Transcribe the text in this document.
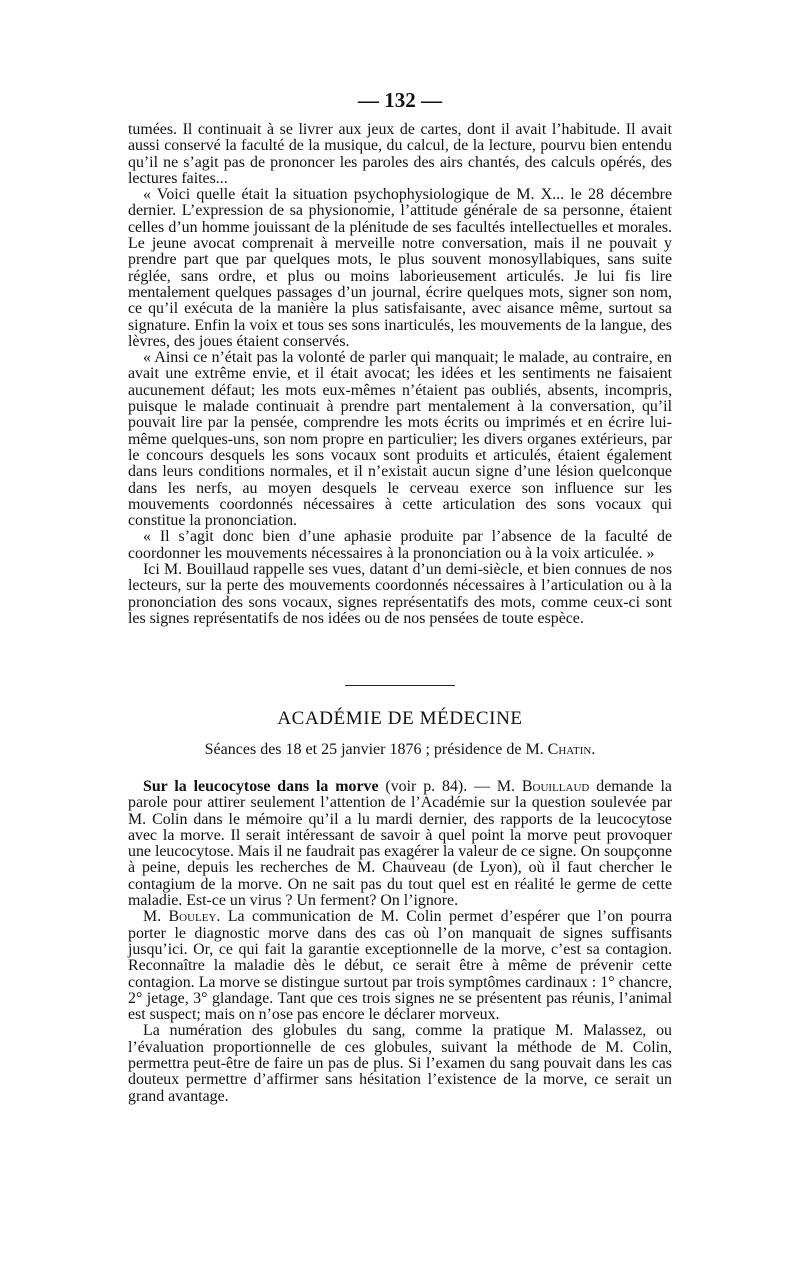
— 132 —

tumées. Il continuait à se livrer aux jeux de cartes, dont il avait l’habitude. Il avait aussi conservé la faculté de la musique, du calcul, de la lecture, pourvu bien entendu qu’il ne s’agit pas de prononcer les paroles des airs chantés, des calculs opérés, des lectures faites...

« Voici quelle était la situation psychophysiologique de M. X... le 28 décembre dernier. L’expression de sa physionomie, l’attitude générale de sa personne, étaient celles d’un homme jouissant de la plénitude de ses facultés intellectuelles et morales. Le jeune avocat comprenait à merveille notre conversation, mais il ne pouvait y prendre part que par quelques mots, le plus souvent monosyllabiques, sans suite réglée, sans ordre, et plus ou moins laborieusement articulés. Je lui fis lire mentalement quelques passages d’un journal, écrire quelques mots, signer son nom, ce qu’il exécuta de la manière la plus satisfaisante, avec aisance même, surtout sa signature. Enfin la voix et tous ses sons inarticulés, les mouvements de la langue, des lèvres, des joues étaient conservés.

« Ainsi ce n’était pas la volonté de parler qui manquait; le malade, au contraire, en avait une extrême envie, et il était avocat; les idées et les sentiments ne faisaient aucunement défaut; les mots eux-mêmes n’étaient pas oubliés, absents, incompris, puisque le malade continuait à prendre part mentalement à la conversation, qu’il pouvait lire par la pensée, comprendre les mots écrits ou imprimés et en écrire lui-même quelques-uns, son nom propre en particulier; les divers organes extérieurs, par le concours desquels les sons vocaux sont produits et articulés, étaient également dans leurs conditions normales, et il n’existait aucun signe d’une lésion quelconque dans les nerfs, au moyen desquels le cerveau exerce son influence sur les mouvements coordonnés nécessaires à cette articulation des sons vocaux qui constitue la prononciation.

« Il s’agit donc bien d’une aphasie produite par l’absence de la faculté de coordonner les mouvements nécessaires à la prononciation ou à la voix articulée. »

Ici M. Bouillaud rappelle ses vues, datant d’un demi-siècle, et bien connues de nos lecteurs, sur la perte des mouvements coordonnés nécessaires à l’articulation ou à la prononciation des sons vocaux, signes représentatifs des mots, comme ceux-ci sont les signes représentatifs de nos idées ou de nos pensées de toute espèce.

ACADÉMIE DE MÉDECINE
Séances des 18 et 25 janvier 1876 ; présidence de M. Chatin.

Sur la leucocytose dans la morve (voir p. 84). — M. Bouillaud demande la parole pour attirer seulement l’attention de l’Académie sur la question soulevée par M. Colin dans le mémoire qu’il a lu mardi dernier, des rapports de la leucocytose avec la morve. Il serait intéressant de savoir à quel point la morve peut provoquer une leucocytose. Mais il ne faudrait pas exagérer la valeur de ce signe. On soupçonne à peine, depuis les recherches de M. Chauveau (de Lyon), où il faut chercher le contagium de la morve. On ne sait pas du tout quel est en réalité le germe de cette maladie. Est-ce un virus ? Un ferment? On l’ignore.

M. Bouley. La communication de M. Colin permet d’espérer que l’on pourra porter le diagnostic morve dans des cas où l’on manquait de signes suffisants jusqu’ici. Or, ce qui fait la garantie exceptionnelle de la morve, c’est sa contagion. Reconnaître la maladie dès le début, ce serait être à même de prévenir cette contagion. La morve se distingue surtout par trois symptômes cardinaux : 1° chancre, 2° jetage, 3° glandage. Tant que ces trois signes ne se présentent pas réunis, l’animal est suspect; mais on n’ose pas encore le déclarer morveux.

La numération des globules du sang, comme la pratique M. Malassez, ou l’évaluation proportionnelle de ces globules, suivant la méthode de M. Colin, permettra peut-être de faire un pas de plus. Si l’examen du sang pouvait dans les cas douteux permettre d’affirmer sans hésitation l’existence de la morve, ce serait un grand avantage.
